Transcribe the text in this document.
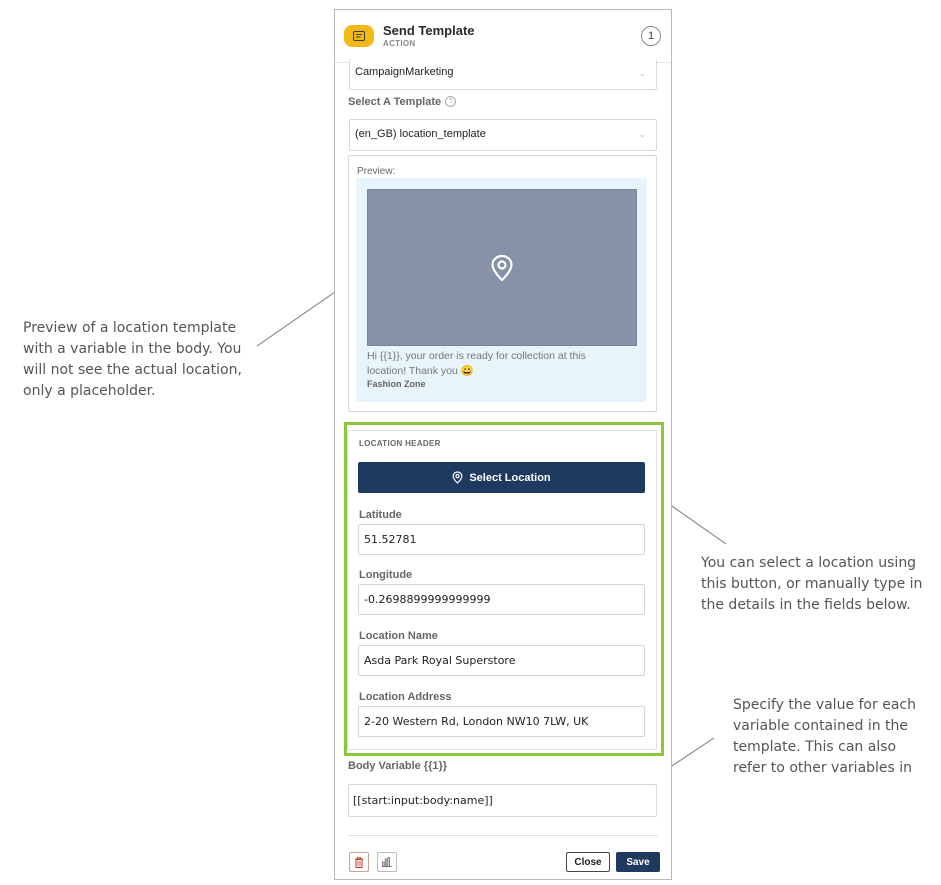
Preview of a location template with a variable in the body. You will not see the actual location, only a placeholder.
You can select a location using this button, or manually type in the details in the fields below.
Specify the value for each variable contained in the template. This can also refer to other variables in
Send Template
ACTION
1
CampaignMarketing	⌄
Select A Template ?
(en_GB) location_template	⌄
Preview:
Hi {{1}}, your order is ready for collection at this location! Thank you 😀
Fashion Zone
LOCATION HEADER
Select Location
Latitude
51.52781
Longitude
-0.2698899999999999
Location Name
Asda Park Royal Superstore
Location Address
2-20 Western Rd, London NW10 7LW, UK
Body Variable {{1}}
[[start:input:body:name]]
Close	Save
